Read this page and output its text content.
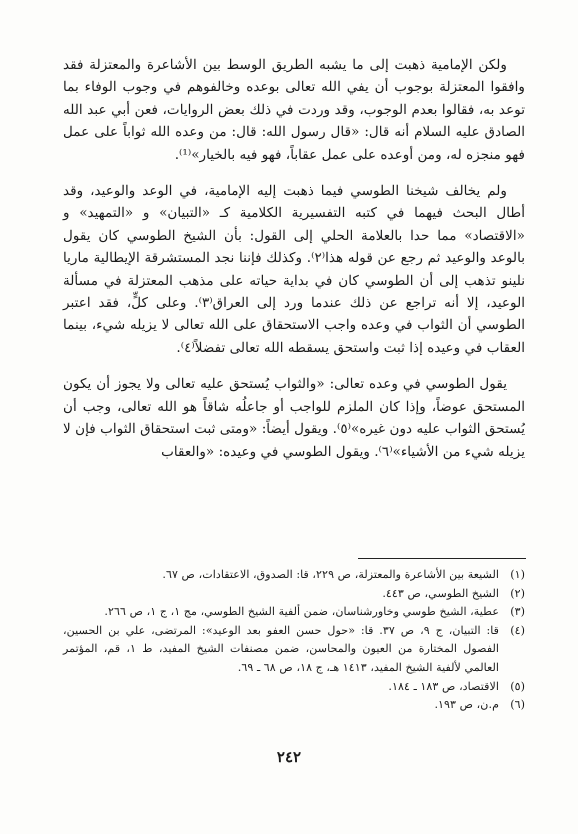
ولكن الإمامية ذهبت إلى ما يشبه الطريق الوسط بين الأشاعرة والمعتزلة فقد وافقوا المعتزلة بوجوب أن يفي الله تعالى بوعده وخالفوهم في وجوب الوفاء بما توعد به، فقالوا بعدم الوجوب، وقد وردت في ذلك بعض الروايات، فعن أبي عبد الله الصادق عليه السلام أنه قال: «قال رسول الله: قال: من وعده الله ثواباً على عمل فهو منجزه له، ومن أوعده على عمل عقاباً، فهو فيه بالخيار»⁽¹⁾.

ولم يخالف شيخنا الطوسي فيما ذهبت إليه الإمامية، في الوعد والوعيد، وقد أطال البحث فيهما في كتبه التفسيرية الكلامية كـ «التبيان» و «التمهيد» و «الاقتصاد» مما حدا بالعلامة الحلي إلى القول: بأن الشيخ الطوسي كان يقول بالوعد والوعيد ثم رجع عن قوله هذا⁽٢⁾. وكذلك فإننا نجد المستشرقة الإيطالية ماريا نلينو تذهب إلى أن الطوسي كان في بداية حياته على مذهب المعتزلة في مسألة الوعيد، إلا أنه تراجع عن ذلك عندما ورد إلى العراق⁽٣⁾. وعلى كلٍّ، فقد اعتبر الطوسي أن الثواب في وعده واجب الاستحقاق على الله تعالى لا يزيله شيء، بينما العقاب في وعيده إذا ثبت واستحق يسقطه الله تعالى تفضلاً⁽٤⁾.

يقول الطوسي في وعده تعالى: «والثواب يُستحق عليه تعالى ولا يجوز أن يكون المستحق عوضاً، وإذا كان الملزم للواجب أو جاعلُه شاقاً هو الله تعالى، وجب أن يُستحق الثواب عليه دون غيره»⁽٥⁾. ويقول أيضاً: «ومتى ثبت استحقاق الثواب فإن لا يزيله شيء من الأشياء»⁽٦⁾. ويقول الطوسي في وعيده: «والعقاب

(١)
الشيعة بين الأشاعرة والمعتزلة، ص ٢٢٩، قا: الصدوق، الاعتقادات، ص ٦٧.
(٢)
الشيخ الطوسي، ص ٤٤٣.
(٣)
عطية، الشيخ طوسي وخاورشناسان، ضمن ألفية الشيخ الطوسي، مج ١، ج ١، ص ٢٦٦.
(٤)
قا: التبيان، ج ٩، ص ٣٧. قا: «حول حسن العفو بعد الوعيد»: المرتضى، علي بن الحسين، الفصول المختارة من العيون والمحاسن، ضمن مصنفات الشيخ المفيد، ط ١، قم، المؤتمر العالمي لألفية الشيخ المفيد، ١٤١٣ هـ، ج ١٨، ص ٦٨ ـ ٦٩.
(٥)
الاقتصاد، ص ١٨٣ ـ ١٨٤.
(٦)
م.ن، ص ١٩٣.
٢٤٢
